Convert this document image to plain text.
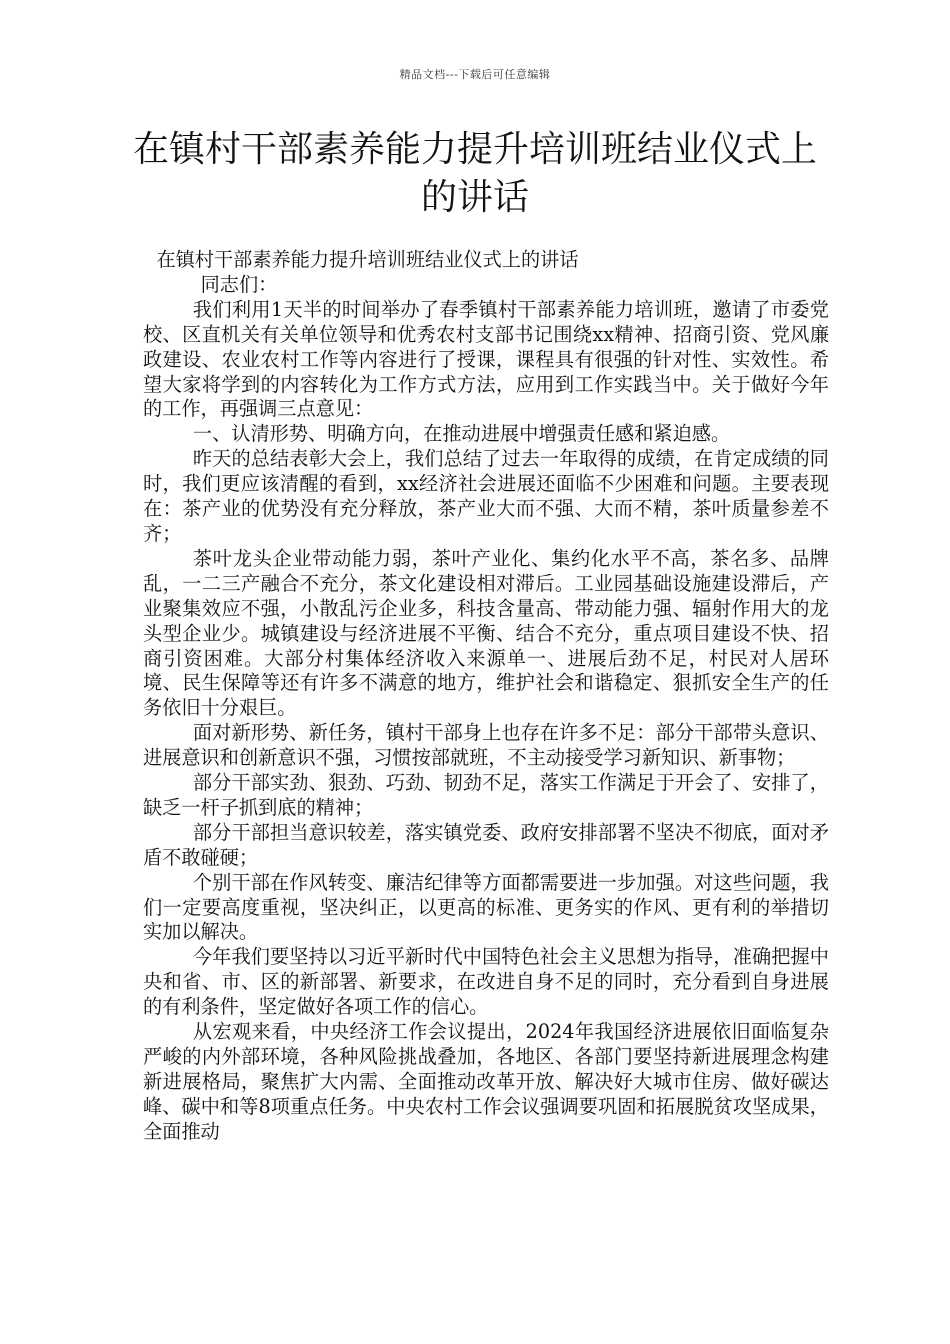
精品文档---下载后可任意编辑
在镇村干部素养能力提升培训班结业仪式上的讲话

在镇村干部素养能力提升培训班结业仪式上的讲话

同志们：

我们利用1天半的时间举办了春季镇村干部素养能力培训班，邀请了市委党校、区直机关有关单位领导和优秀农村支部书记围绕xx精神、招商引资、党风廉政建设、农业农村工作等内容进行了授课，课程具有很强的针对性、实效性。希望大家将学到的内容转化为工作方式方法，应用到工作实践当中。关于做好今年的工作，再强调三点意见：

一、认清形势、明确方向，在推动进展中增强责任感和紧迫感。

昨天的总结表彰大会上，我们总结了过去一年取得的成绩，在肯定成绩的同时，我们更应该清醒的看到，xx经济社会进展还面临不少困难和问题。主要表现在：茶产业的优势没有充分释放，茶产业大而不强、大而不精，茶叶质量参差不齐；

茶叶龙头企业带动能力弱，茶叶产业化、集约化水平不高，茶名多、品牌乱，一二三产融合不充分，茶文化建设相对滞后。工业园基础设施建设滞后，产业聚集效应不强，小散乱污企业多，科技含量高、带动能力强、辐射作用大的龙头型企业少。城镇建设与经济进展不平衡、结合不充分，重点项目建设不快、招商引资困难。大部分村集体经济收入来源单一、进展后劲不足，村民对人居环境、民生保障等还有许多不满意的地方，维护社会和谐稳定、狠抓安全生产的任务依旧十分艰巨。

面对新形势、新任务，镇村干部身上也存在许多不足：部分干部带头意识、进展意识和创新意识不强，习惯按部就班，不主动接受学习新知识、新事物；

部分干部实劲、狠劲、巧劲、韧劲不足，落实工作满足于开会了、安排了，缺乏一杆子抓到底的精神；

部分干部担当意识较差，落实镇党委、政府安排部署不坚决不彻底，面对矛盾不敢碰硬；

个别干部在作风转变、廉洁纪律等方面都需要进一步加强。对这些问题，我们一定要高度重视，坚决纠正，以更高的标准、更务实的作风、更有利的举措切实加以解决。

今年我们要坚持以习近平新时代中国特色社会主义思想为指导，准确把握中央和省、市、区的新部署、新要求，在改进自身不足的同时，充分看到自身进展的有利条件，坚定做好各项工作的信心。

从宏观来看，中央经济工作会议提出，2024年我国经济进展依旧面临复杂严峻的内外部环境，各种风险挑战叠加，各地区、各部门要坚持新进展理念构建新进展格局，聚焦扩大内需、全面推动改革开放、解决好大城市住房、做好碳达峰、碳中和等8项重点任务。中央农村工作会议强调要巩固和拓展脱贫攻坚成果，全面推动
